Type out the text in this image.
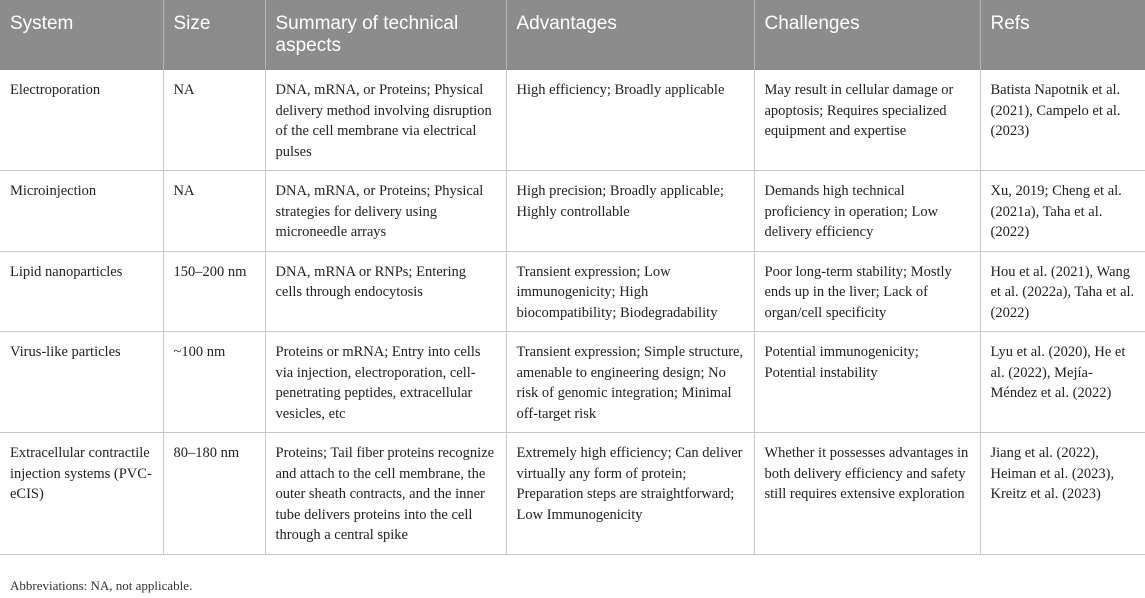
System	Size	Summary of technical aspects	Advantages	Challenges	Refs
Electroporation	NA	DNA, mRNA, or Proteins; Physical delivery method involving disruption of the cell membrane via electrical pulses	High efficiency; Broadly applicable	May result in cellular damage or apoptosis; Requires specialized equipment and expertise	Batista Napotnik et al. (2021), Campelo et al. (2023)
Microinjection	NA	DNA, mRNA, or Proteins; Physical strategies for delivery using microneedle arrays	High precision; Broadly applicable; Highly controllable	Demands high technical proficiency in operation; Low delivery efficiency	Xu, 2019; Cheng et al. (2021a), Taha et al. (2022)
Lipid nanoparticles	150–200 nm	DNA, mRNA or RNPs; Entering cells through endocytosis	Transient expression; Low immunogenicity; High biocompatibility; Biodegradability	Poor long-term stability; Mostly ends up in the liver; Lack of organ/cell specificity	Hou et al. (2021), Wang et al. (2022a), Taha et al. (2022)
Virus-like particles	~100 nm	Proteins or mRNA; Entry into cells via injection, electroporation, cell-penetrating peptides, extracellular vesicles, etc	Transient expression; Simple structure, amenable to engineering design; No risk of genomic integration; Minimal off-target risk	Potential immunogenicity; Potential instability	Lyu et al. (2020), He et al. (2022), Mejía-Méndez et al. (2022)
Extracellular contractile injection systems (PVC- eCIS)	80–180 nm	Proteins; Tail fiber proteins recognize and attach to the cell membrane, the outer sheath contracts, and the inner tube delivers proteins into the cell through a central spike	Extremely high efficiency; Can deliver virtually any form of protein; Preparation steps are straightforward; Low Immunogenicity	Whether it possesses advantages in both delivery efficiency and safety still requires extensive exploration	Jiang et al. (2022), Heiman et al. (2023), Kreitz et al. (2023)
Abbreviations: NA, not applicable.
